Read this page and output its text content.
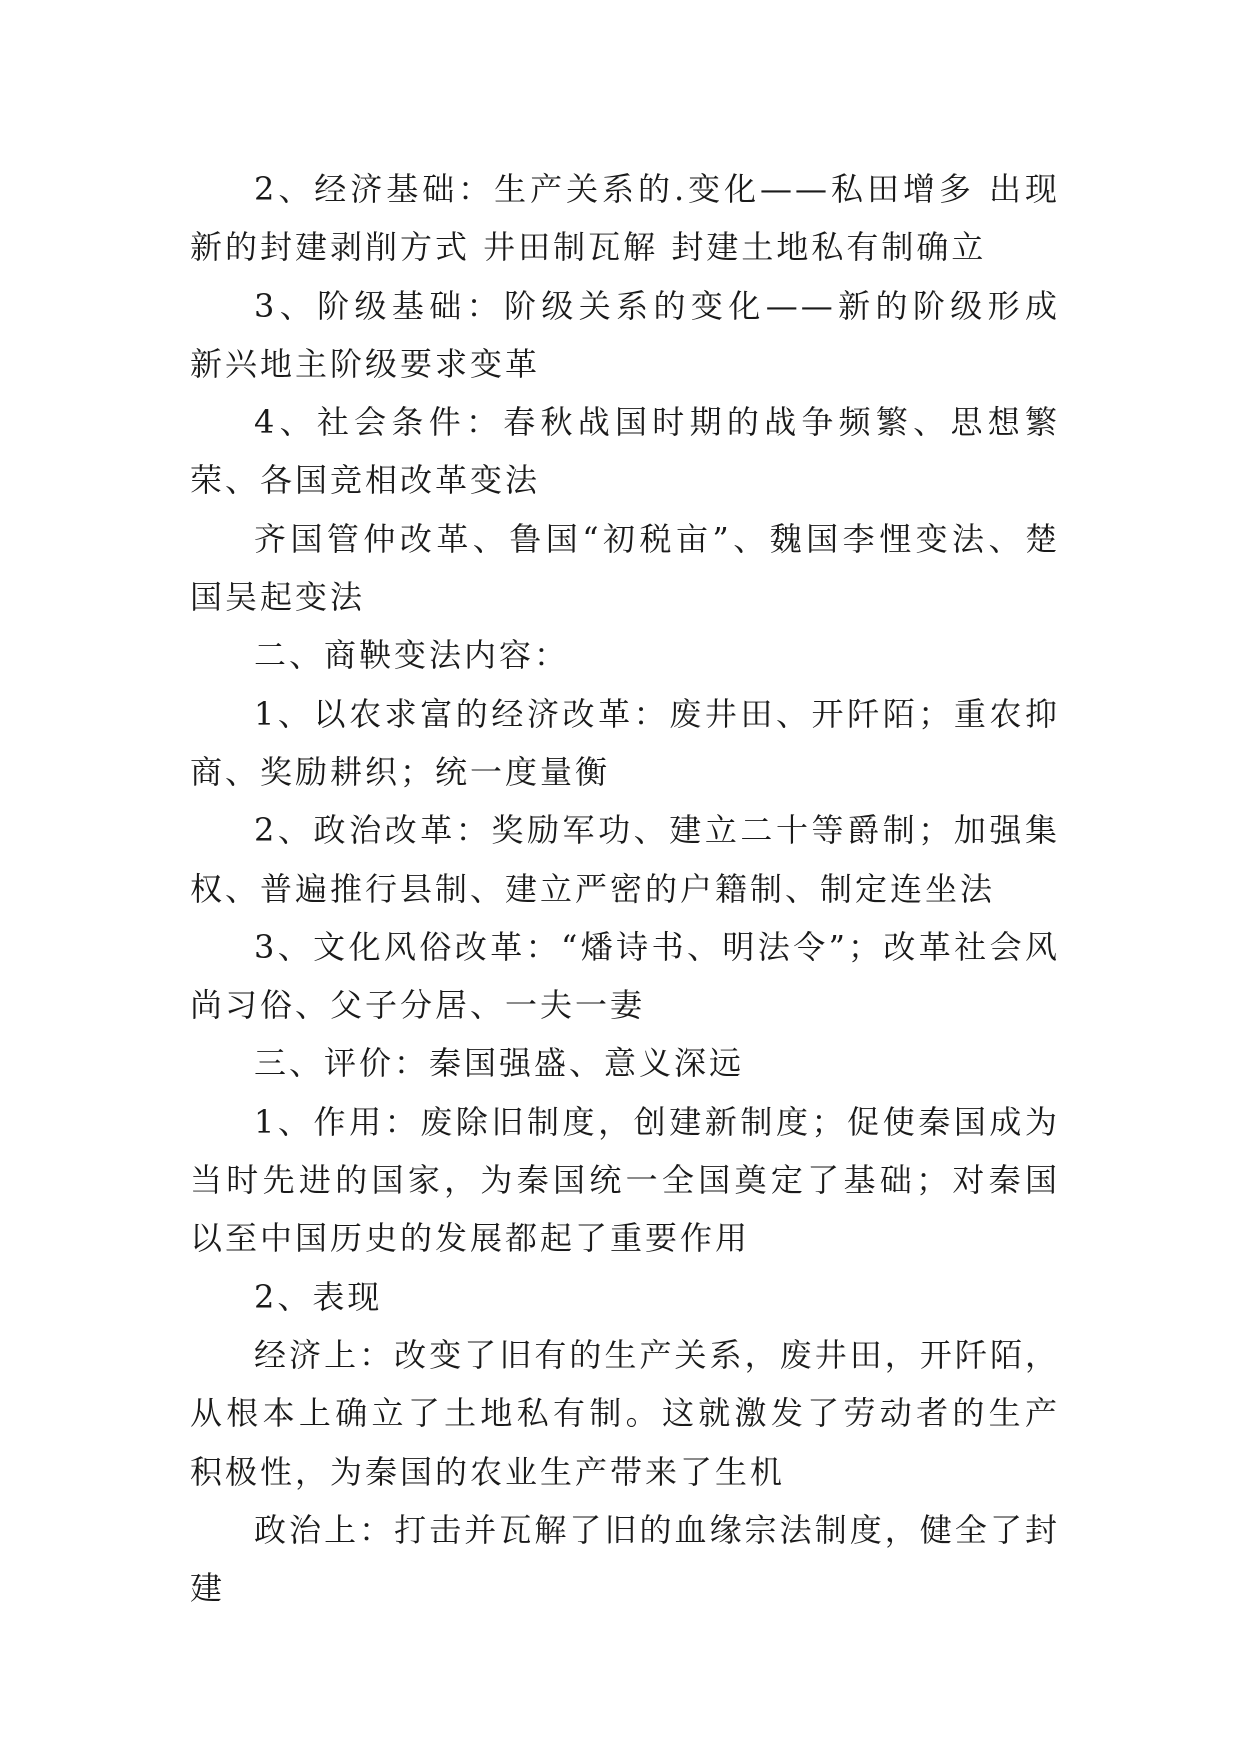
2、经济基础：生产关系的.变化——私田增多 出现新的封建剥削方式 井田制瓦解 封建土地私有制确立

3、阶级基础：阶级关系的变化——新的阶级形成 新兴地主阶级要求变革

4、社会条件：春秋战国时期的战争频繁、思想繁荣、各国竞相改革变法

齐国管仲改革、鲁国“初税亩”、魏国李悝变法、楚国吴起变法

二、商鞅变法内容：

1、以农求富的经济改革：废井田、开阡陌；重农抑商、奖励耕织；统一度量衡

2、政治改革：奖励军功、建立二十等爵制；加强集权、普遍推行县制、建立严密的户籍制、制定连坐法

3、文化风俗改革：“燔诗书、明法令”；改革社会风尚习俗、父子分居、一夫一妻

三、评价：秦国强盛、意义深远

1、作用：废除旧制度，创建新制度；促使秦国成为当时先进的国家，为秦国统一全国奠定了基础；对秦国以至中国历史的发展都起了重要作用

2、表现

经济上：改变了旧有的生产关系，废井田，开阡陌，从根本上确立了土地私有制。这就激发了劳动者的生产积极性，为秦国的农业生产带来了生机

政治上：打击并瓦解了旧的血缘宗法制度，健全了封建
